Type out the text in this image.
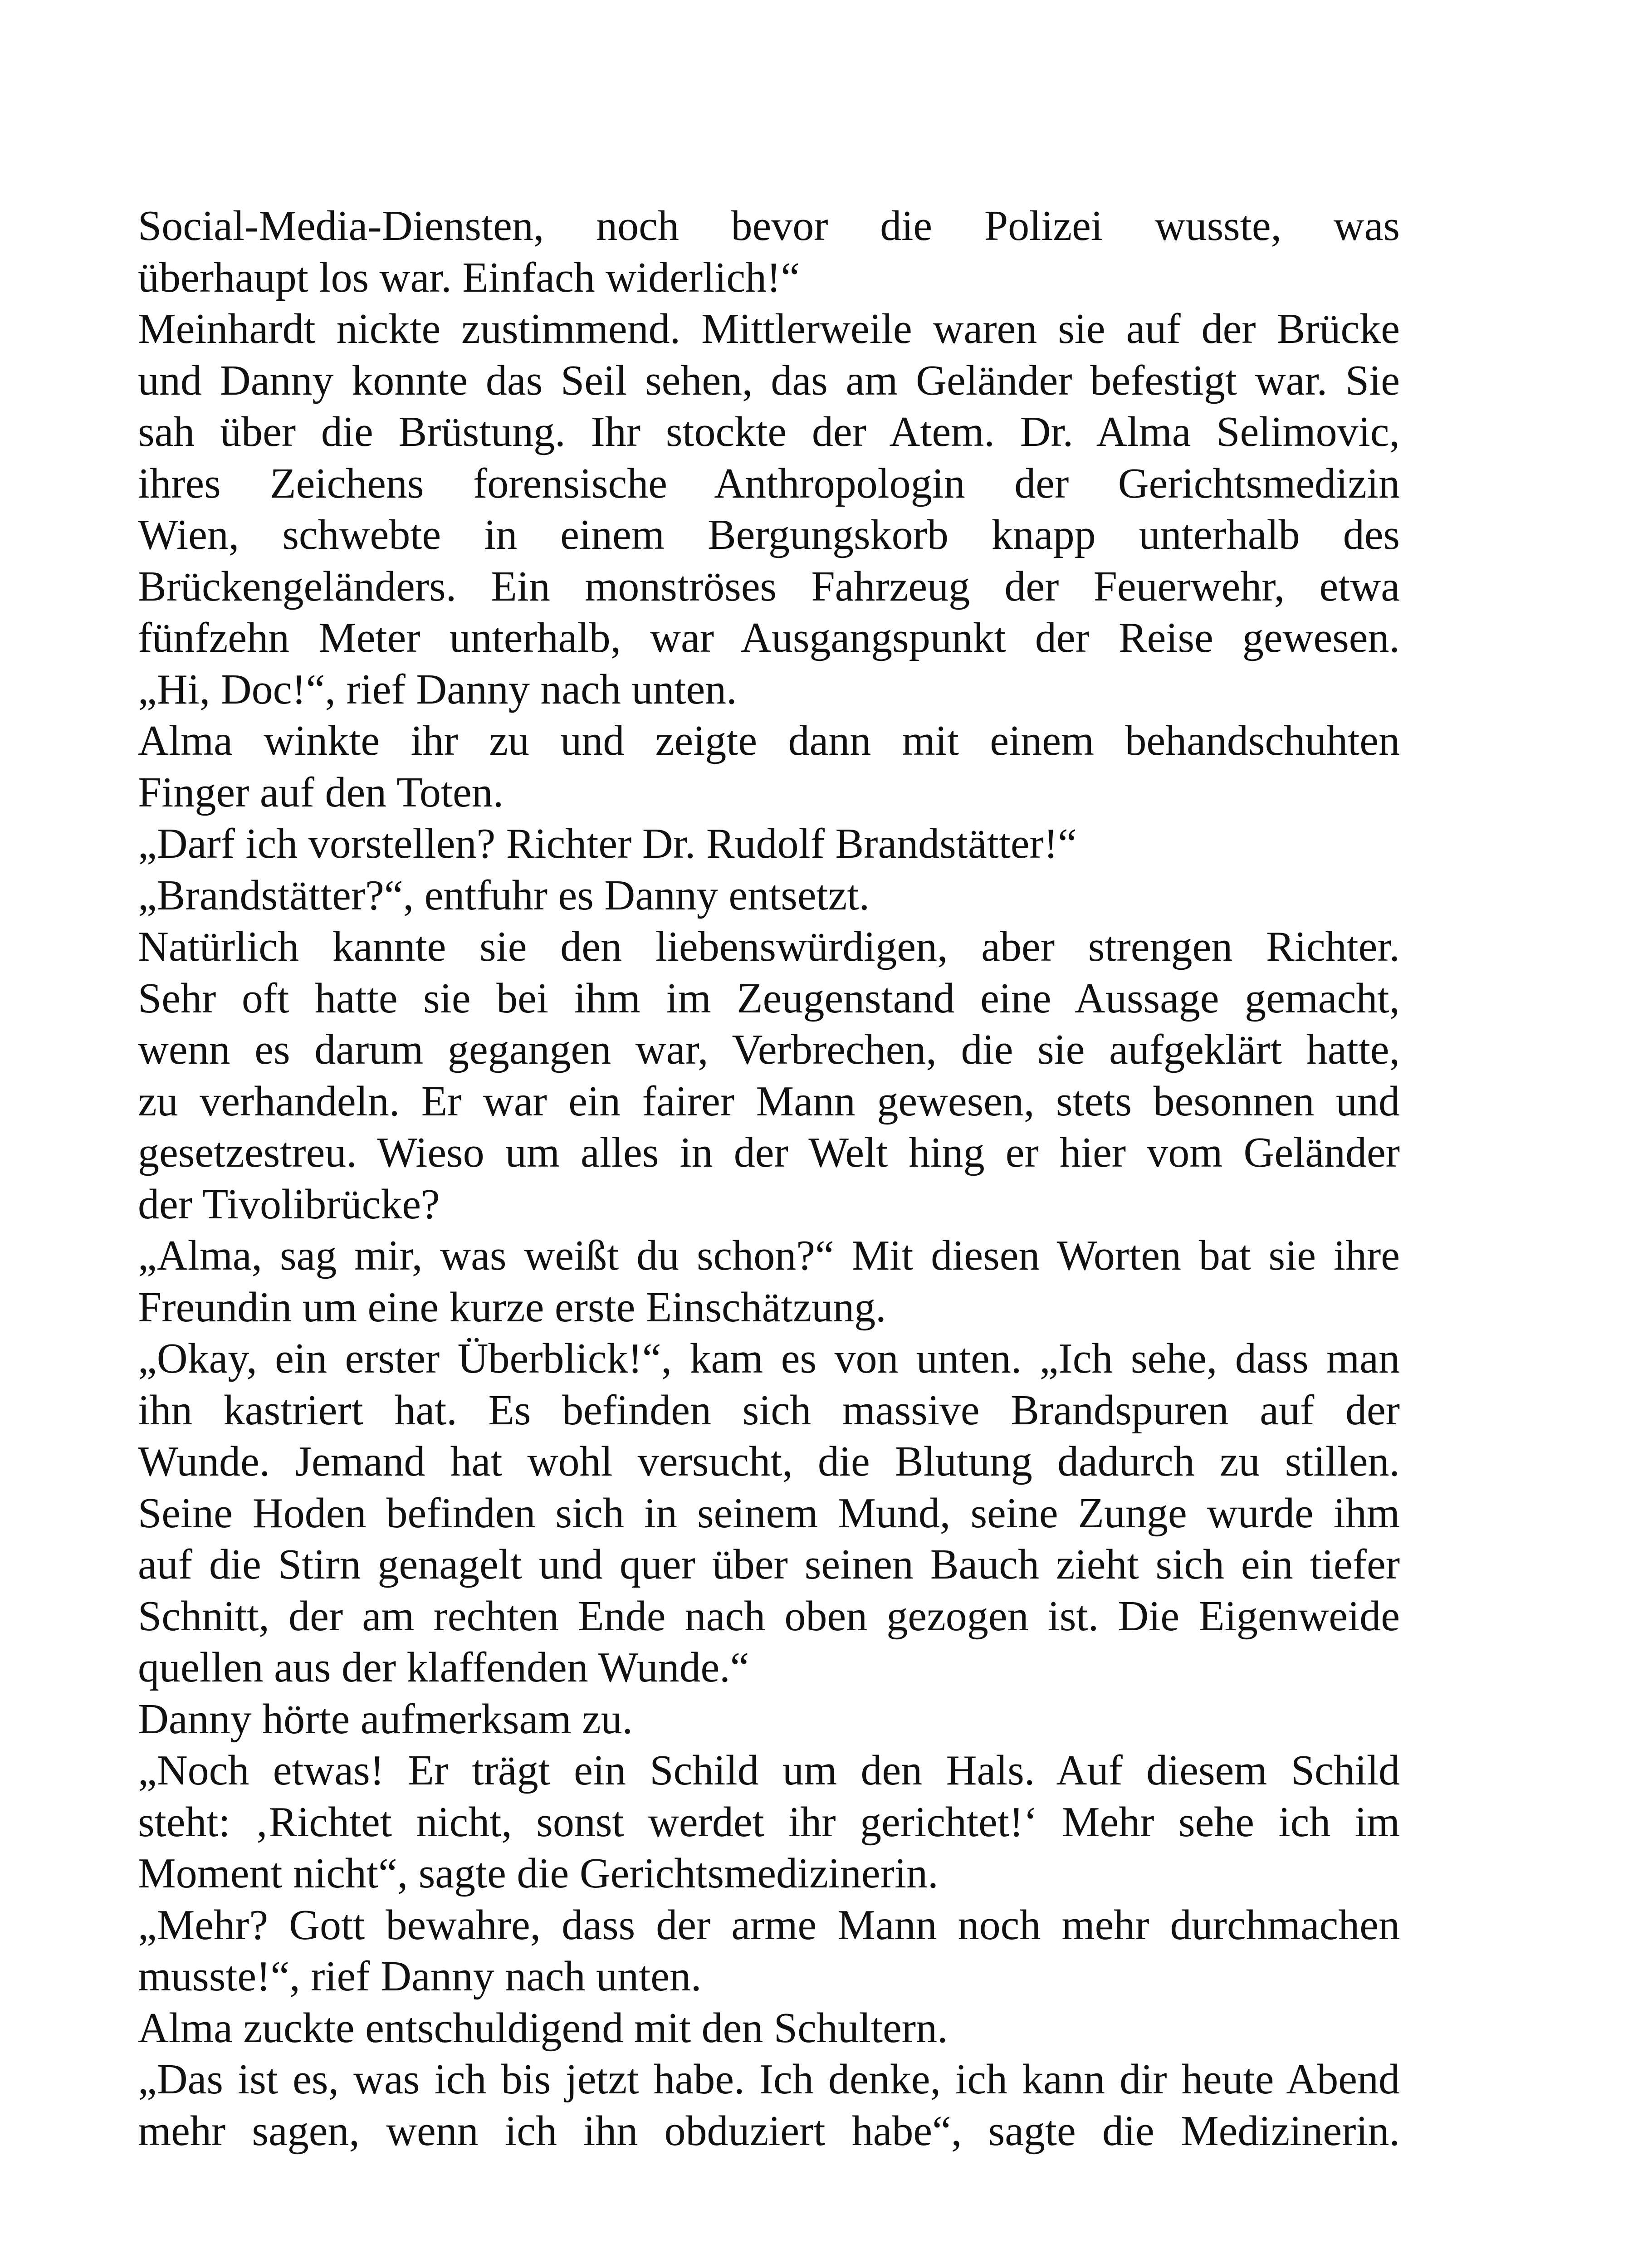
Social-Media-Diensten, noch bevor die Polizei wusste, was
überhaupt los war. Einfach widerlich!“
Meinhardt nickte zustimmend. Mittlerweile waren sie auf der Brücke
und Danny konnte das Seil sehen, das am Geländer befestigt war. Sie
sah über die Brüstung. Ihr stockte der Atem. Dr. Alma Selimovic,
ihres Zeichens forensische Anthropologin der Gerichtsmedizin
Wien, schwebte in einem Bergungskorb knapp unterhalb des
Brückengeländers. Ein monströses Fahrzeug der Feuerwehr, etwa
fünfzehn Meter unterhalb, war Ausgangspunkt der Reise gewesen.
„Hi, Doc!“, rief Danny nach unten.
Alma winkte ihr zu und zeigte dann mit einem behandschuhten
Finger auf den Toten.
„Darf ich vorstellen? Richter Dr. Rudolf Brandstätter!“
„Brandstätter?“, entfuhr es Danny entsetzt.
Natürlich kannte sie den liebenswürdigen, aber strengen Richter.
Sehr oft hatte sie bei ihm im Zeugenstand eine Aussage gemacht,
wenn es darum gegangen war, Verbrechen, die sie aufgeklärt hatte,
zu verhandeln. Er war ein fairer Mann gewesen, stets besonnen und
gesetzestreu. Wieso um alles in der Welt hing er hier vom Geländer
der Tivolibrücke?
„Alma, sag mir, was weißt du schon?“ Mit diesen Worten bat sie ihre
Freundin um eine kurze erste Einschätzung.
„Okay, ein erster Überblick!“, kam es von unten. „Ich sehe, dass man
ihn kastriert hat. Es befinden sich massive Brandspuren auf der
Wunde. Jemand hat wohl versucht, die Blutung dadurch zu stillen.
Seine Hoden befinden sich in seinem Mund, seine Zunge wurde ihm
auf die Stirn genagelt und quer über seinen Bauch zieht sich ein tiefer
Schnitt, der am rechten Ende nach oben gezogen ist. Die Eigenweide
quellen aus der klaffenden Wunde.“
Danny hörte aufmerksam zu.
„Noch etwas! Er trägt ein Schild um den Hals. Auf diesem Schild
steht: ‚Richtet nicht, sonst werdet ihr gerichtet!‘ Mehr sehe ich im
Moment nicht“, sagte die Gerichtsmedizinerin.
„Mehr? Gott bewahre, dass der arme Mann noch mehr durchmachen
musste!“, rief Danny nach unten.
Alma zuckte entschuldigend mit den Schultern.
„Das ist es, was ich bis jetzt habe. Ich denke, ich kann dir heute Abend
mehr sagen, wenn ich ihn obduziert habe“, sagte die Medizinerin.
